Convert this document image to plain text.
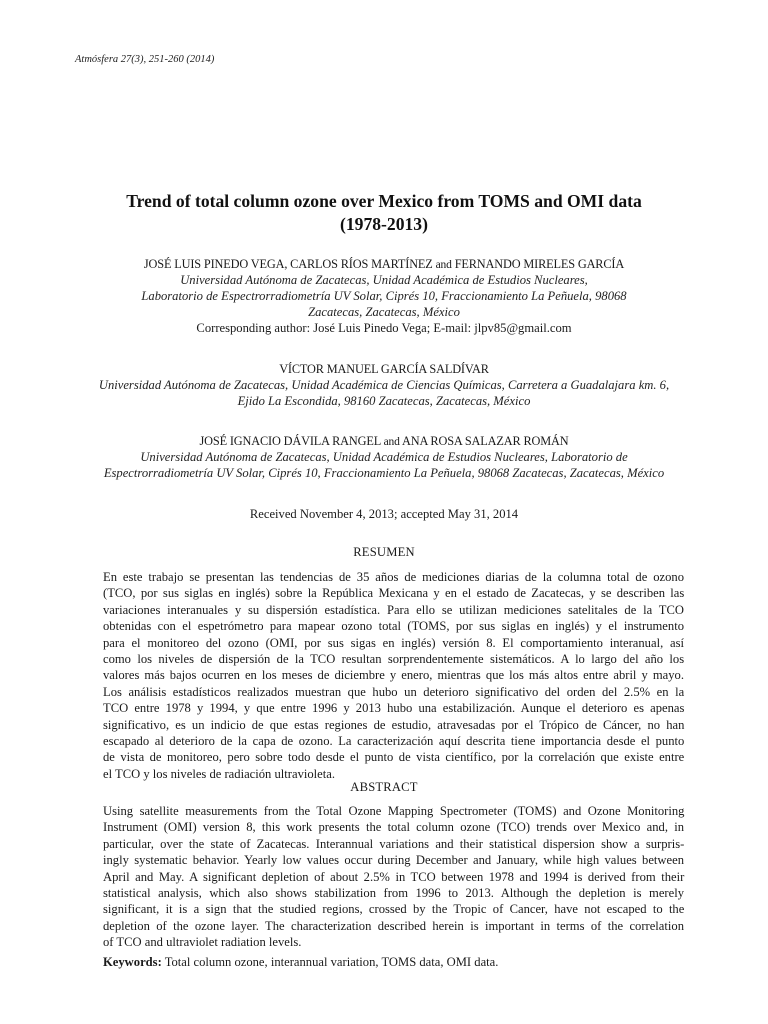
Atmósfera 27(3), 251-260 (2014)
Trend of total column ozone over Mexico from TOMS and OMI data
(1978-2013)
JOSÉ LUIS PINEDO VEGA, CARLOS RÍOS MARTÍNEZ and FERNANDO MIRELES GARCÍA
Universidad Autónoma de Zacatecas, Unidad Académica de Estudios Nucleares,
Laboratorio de Espectrorradiometría UV Solar, Ciprés 10, Fraccionamiento La Peñuela, 98068
Zacatecas, Zacatecas, México
Corresponding author: José Luis Pinedo Vega; E-mail: jlpv85@gmail.com
VÍCTOR MANUEL GARCÍA SALDÍVAR
Universidad Autónoma de Zacatecas, Unidad Académica de Ciencias Químicas, Carretera a Guadalajara km. 6,
Ejido La Escondida, 98160 Zacatecas, Zacatecas, México
JOSÉ IGNACIO DÁVILA RANGEL and ANA ROSA SALAZAR ROMÁN
Universidad Autónoma de Zacatecas, Unidad Académica de Estudios Nucleares, Laboratorio de
Espectrorradiometría UV Solar, Ciprés 10, Fraccionamiento La Peñuela, 98068 Zacatecas, Zacatecas, México
Received November 4, 2013; accepted May 31, 2014
RESUMEN
En este trabajo se presentan las tendencias de 35 años de mediciones diarias de la columna total de ozono
(TCO, por sus siglas en inglés) sobre la República Mexicana y en el estado de Zacatecas, y se describen las
variaciones interanuales y su dispersión estadística. Para ello se utilizan mediciones satelitales de la TCO
obtenidas con el espetrómetro para mapear ozono total (TOMS, por sus siglas en inglés) y el instrumento
para el monitoreo del ozono (OMI, por sus sigas en inglés) versión 8. El comportamiento interanual, así
como los niveles de dispersión de la TCO resultan sorprendentemente sistemáticos. A lo largo del año los
valores más bajos ocurren en los meses de diciembre y enero, mientras que los más altos entre abril y mayo.
Los análisis estadísticos realizados muestran que hubo un deterioro significativo del orden del 2.5% en la
TCO entre 1978 y 1994, y que entre 1996 y 2013 hubo una estabilización. Aunque el deterioro es apenas
significativo, es un indicio de que estas regiones de estudio, atravesadas por el Trópico de Cáncer, no han
escapado al deterioro de la capa de ozono. La caracterización aquí descrita tiene importancia desde el punto
de vista de monitoreo, pero sobre todo desde el punto de vista científico, por la correlación que existe entre
el TCO y los niveles de radiación ultravioleta.
ABSTRACT
Using satellite measurements from the Total Ozone Mapping Spectrometer (TOMS) and Ozone Monitoring
Instrument (OMI) version 8, this work presents the total column ozone (TCO) trends over Mexico and, in
particular, over the state of Zacatecas. Interannual variations and their statistical dispersion show a surpris-
ingly systematic behavior. Yearly low values occur during December and January, while high values between
April and May. A significant depletion of about 2.5% in TCO between 1978 and 1994 is derived from their
statistical analysis, which also shows stabilization from 1996 to 2013. Although the depletion is merely
significant, it is a sign that the studied regions, crossed by the Tropic of Cancer, have not escaped to the
depletion of the ozone layer. The characterization described herein is important in terms of the correlation
of TCO and ultraviolet radiation levels.
Keywords: Total column ozone, interannual variation, TOMS data, OMI data.
